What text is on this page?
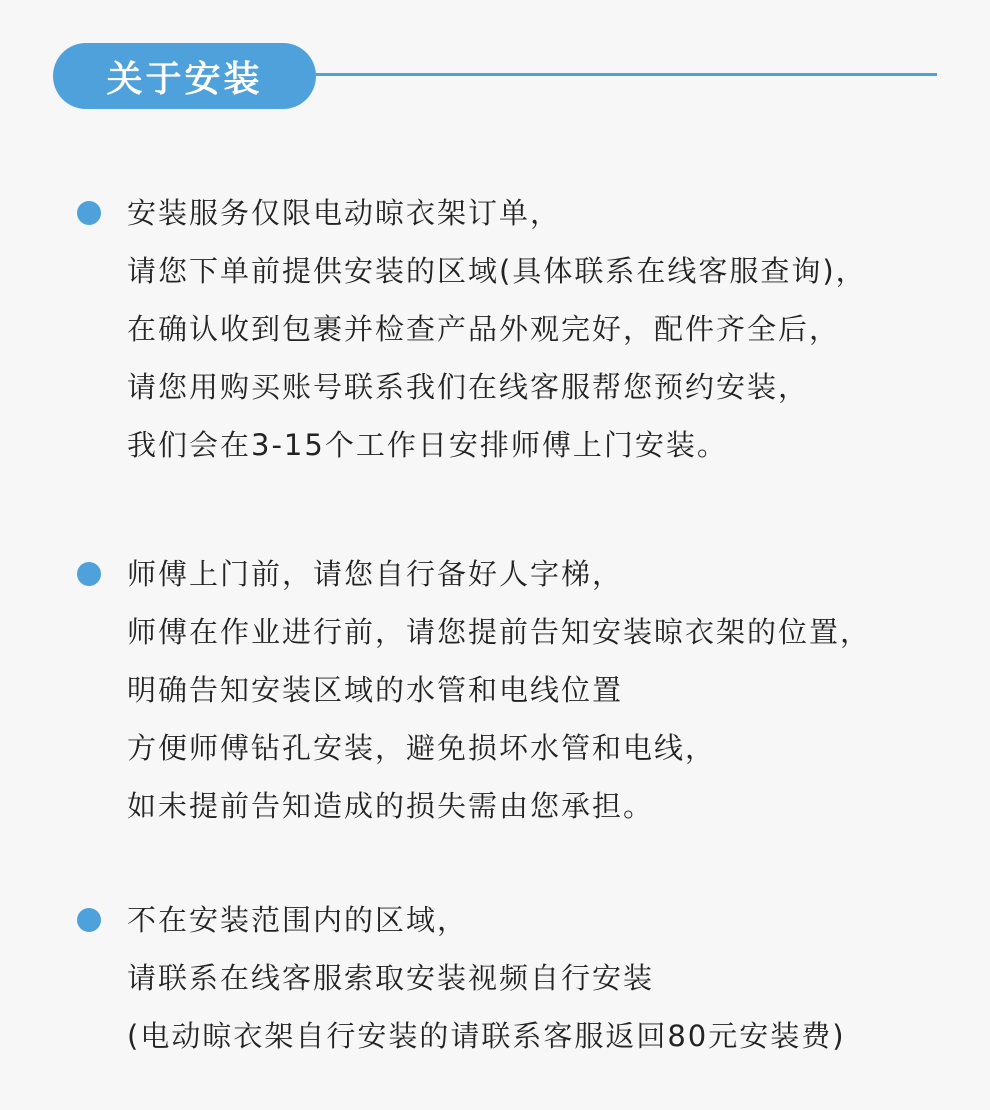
关于安装
安装服务仅限电动晾衣架订单，
请您下单前提供安装的区域(具体联系在线客服查询)，
在确认收到包裹并检查产品外观完好，配件齐全后，
请您用购买账号联系我们在线客服帮您预约安装，
我们会在3-15个工作日安排师傅上门安装。
师傅上门前，请您自行备好人字梯，
师傅在作业进行前，请您提前告知安装晾衣架的位置，
明确告知安装区域的水管和电线位置
方便师傅钻孔安装，避免损坏水管和电线，
如未提前告知造成的损失需由您承担。
不在安装范围内的区域，
请联系在线客服索取安装视频自行安装
(电动晾衣架自行安装的请联系客服返回80元安装费)
